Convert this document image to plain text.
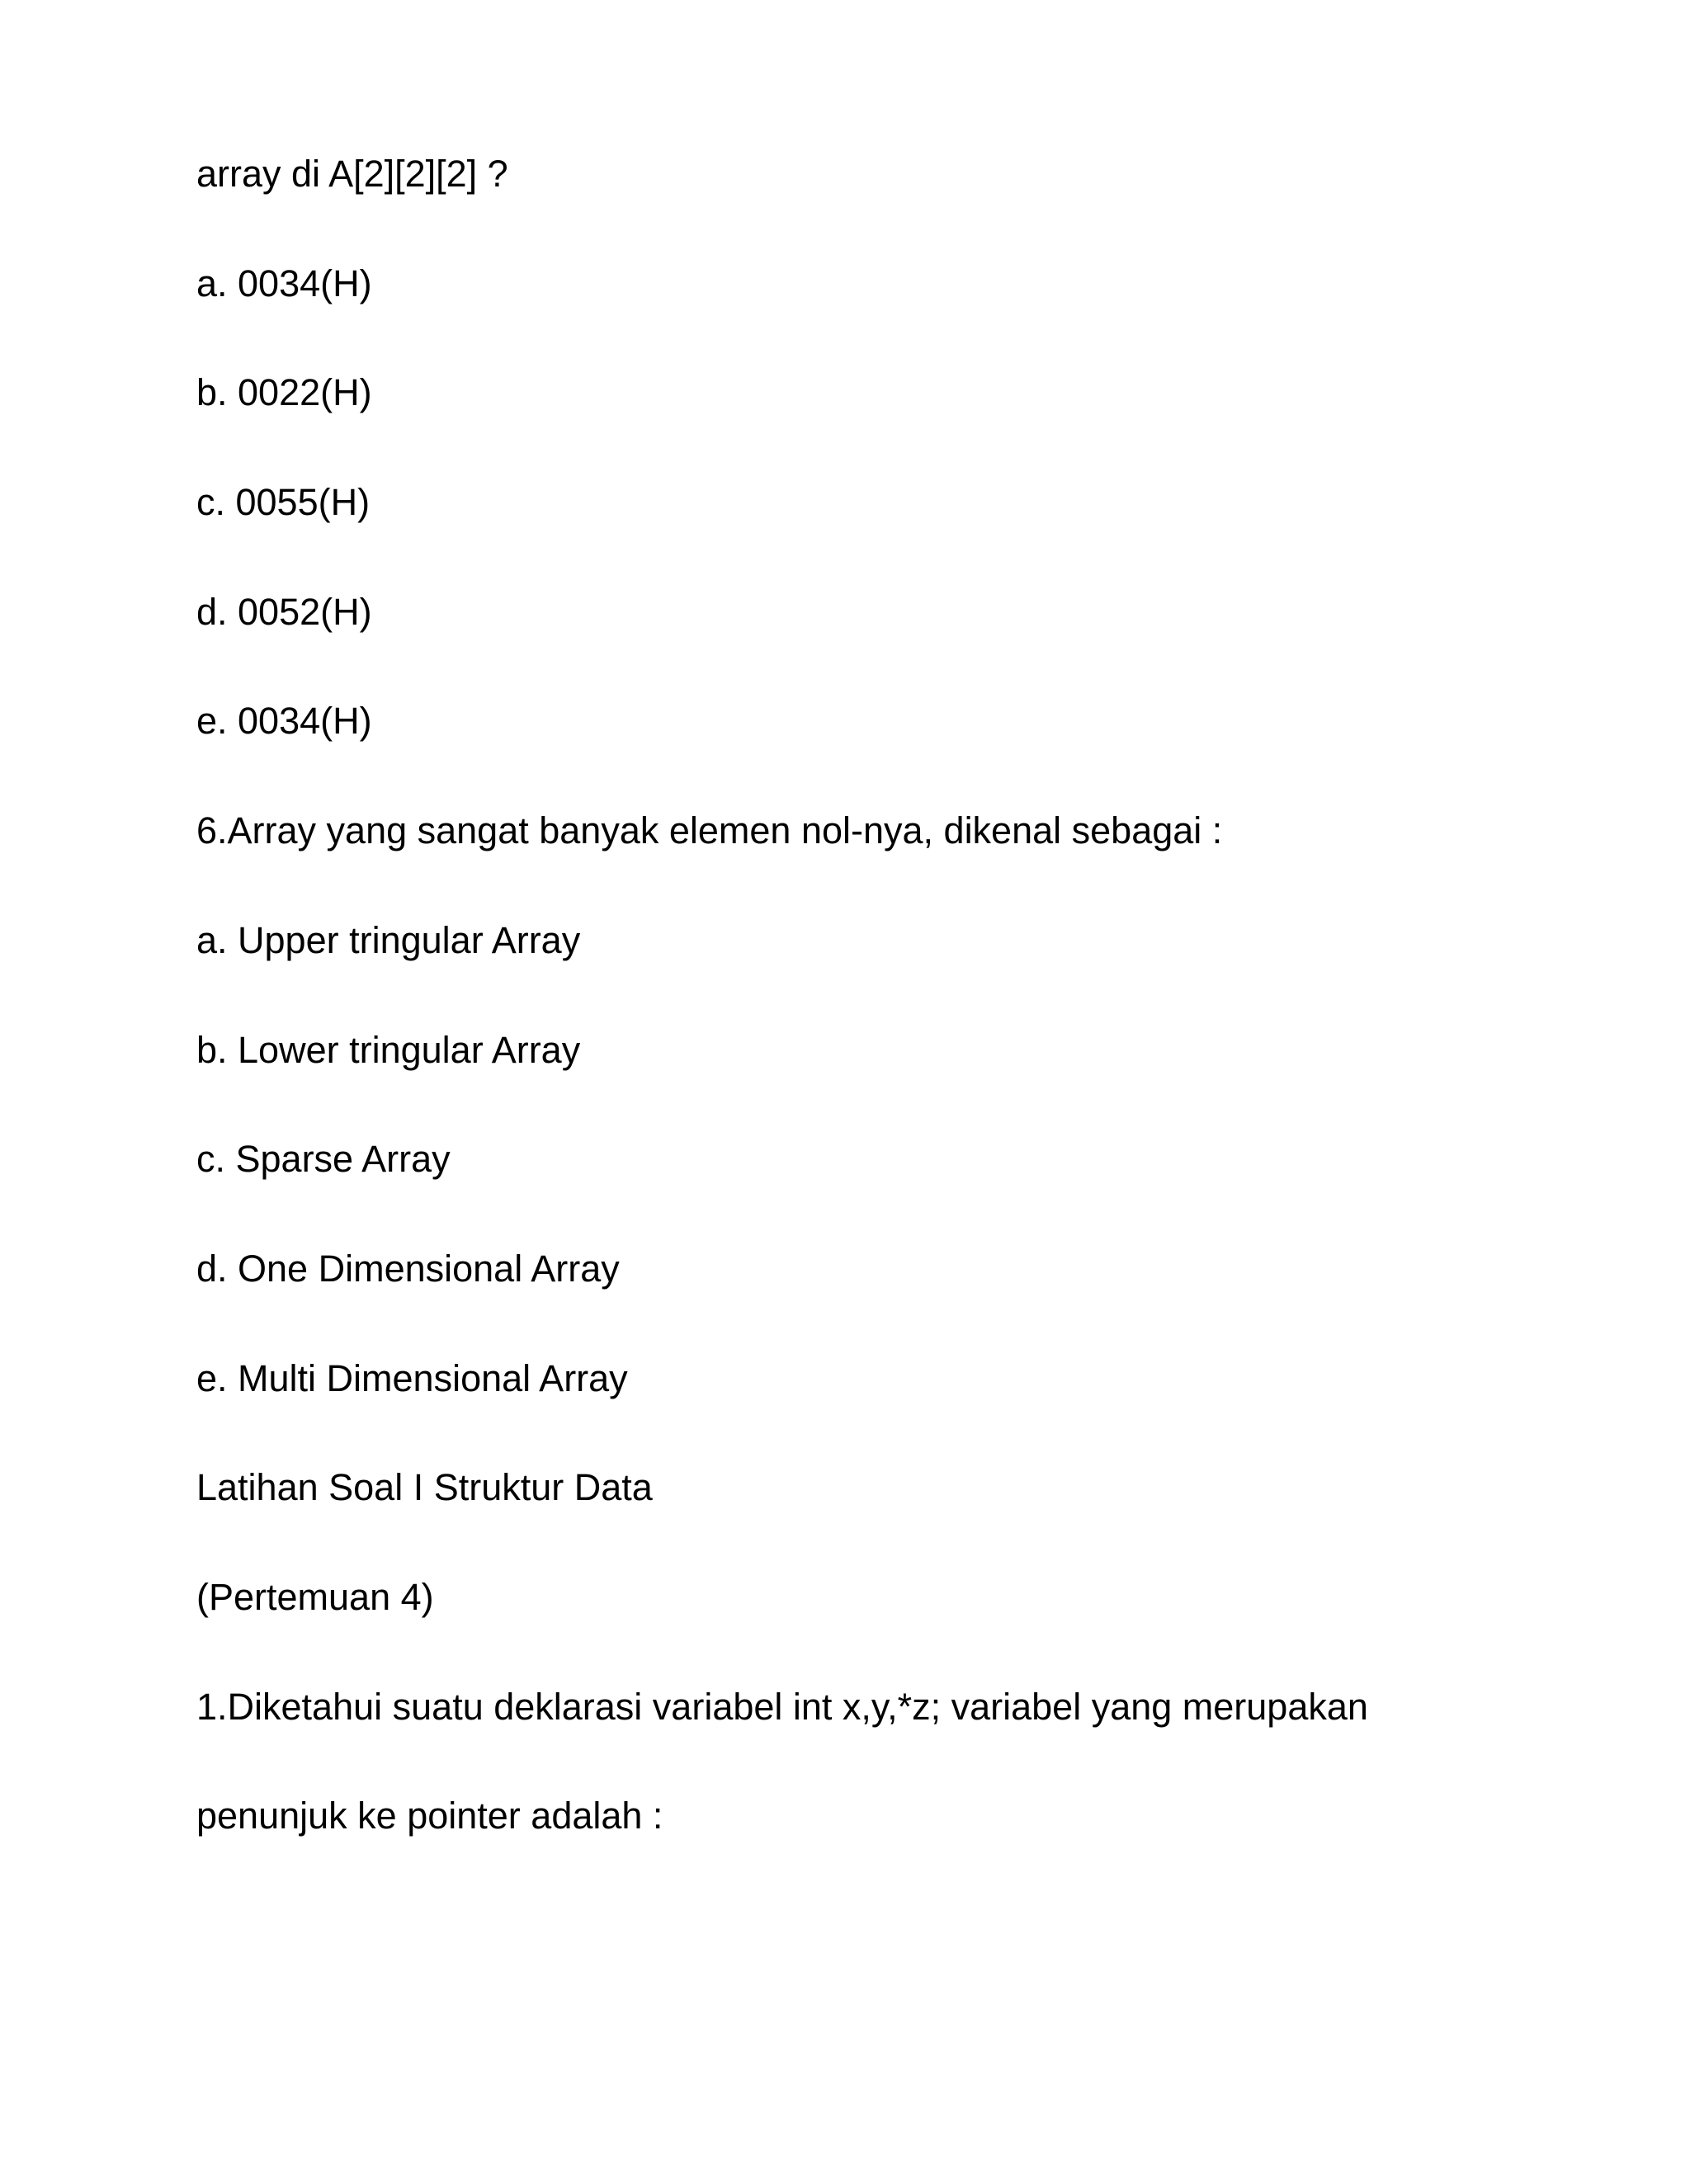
array di A[2][2][2] ?
a. 0034(H)
b. 0022(H)
c. 0055(H)
d. 0052(H)
e. 0034(H)
6.Array yang sangat banyak elemen nol-nya, dikenal sebagai :
a. Upper tringular Array
b. Lower tringular Array
c. Sparse Array
d. One Dimensional Array
e. Multi Dimensional Array
Latihan Soal I Struktur Data
(Pertemuan 4)
1.Diketahui suatu deklarasi variabel int x,y,*z; variabel yang merupakan
penunjuk ke pointer adalah :
